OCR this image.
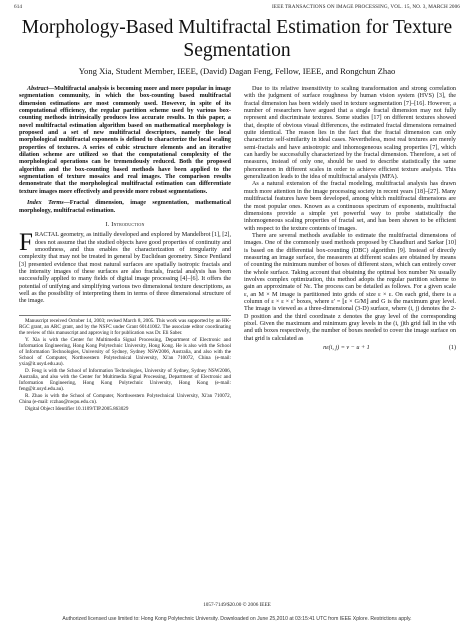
614	IEEE TRANSACTIONS ON IMAGE PROCESSING, VOL. 15, NO. 3, MARCH 2006
Morphology-Based Multifractal Estimation for Texture Segmentation
Yong Xia, Student Member, IEEE, (David) Dagan Feng, Fellow, IEEE, and Rongchun Zhao

Abstract—Multifractal analysis is becoming more and more popular in image segmentation community, in which the box-counting based multifractal dimension estimations are most commonly used. However, in spite of its computational efficiency, the regular partition scheme used by various box-counting methods intrinsically produces less accurate results. In this paper, a novel multifractal estimation algorithm based on mathematical morphology is proposed and a set of new multifractal descriptors, namely the local morphological multifractal exponents is defined to characterize the local scaling properties of textures. A series of cubic structure elements and an iterative dilation scheme are utilized so that the computational complexity of the morphological operations can be tremendously reduced. Both the proposed algorithm and the box-counting based methods have been applied to the segmentation of texture mosaics and real images. The comparison results demonstrate that the morphological multifractal estimation can differentiate texture images more effectively and provide more robust segmentations.

Index Terms—Fractal dimension, image segmentation, mathematical morphology, multifractal estimation.

I. Introduction

FRACTAL geometry, as initially developed and explored by Mandelbrot [1], [2], does not assume that the studied objects have good properties of continuity and smoothness, and thus enables the characterization of irregularity and complexity that may not be treated in general by Euclidean geometry. Since Pentland [3] presented evidence that most natural surfaces are spatially isotropic fractals and the intensity images of these surfaces are also fractals, fractal analysis has been successfully applied to many fields of digital image processing [4]–[6]. It offers the potential of unifying and simplifying various two dimensional texture descriptions, as well as the possibility of interpreting them in terms of three dimensional structure of the image.

Manuscript received October 14, 2003; revised March 8, 2005. This work was supported by an HK-RGC grant, an ARC grant, and by the NSFC under Grant 60141002. The associate editor coordinating the review of this manuscript and approving it for publication was Dr. Eli Saber.

Y. Xia is with the Center for Multimedia Signal Processing, Department of Electronic and Information Engineering, Hong Kong Polytechnic University, Hong Kong. He is also with the School of Information Technologies, University of Sydney, Sydney NSW2006, Australia, and also with the School of Computer, Northwestern Polytechnical University, Xi'an 710072, China (e-mail: yxia@it.usyd.edu.au).

D. Feng is with the School of Information Technologies, University of Sydney, Sydney NSW2006, Australia, and also with the Center for Multimedia Signal Processing, Department of Electronic and Information Engineering, Hong Kong Polytechnic University, Hong Kong (e-mail: feng@it.usyd.edu.au).

R. Zhao is with the School of Computer, Northwestern Polytechnical University, Xi'an 710072, China (e-mail: rczhao@nwpu.edu.cn).

Digital Object Identifier 10.1109/TIP.2005.863029

Due to its relative insensitivity to scaling transformation and strong correlation with the judgment of surface roughness by human vision system (HVS) [3], the fractal dimension has been widely used in texture segmentation [7]–[16]. However, a number of researchers have argued that a single fractal dimension may not fully represent and discriminate textures. Some studies [17] on different textures showed that, despite of obvious visual differences, the estimated fractal dimensions remained quite identical. The reason lies in the fact that the fractal dimension can only characterize self-similarity in ideal cases. Nevertheless, most real textures are merely semi-fractals and have anisotropic and inhomogeneous scaling properties [7], which can hardly be successfully characterized by the fractal dimension. Therefore, a set of measures, instead of only one, should be used to describe statistically the same phenomenon in different scales in order to achieve efficient texture analysis. This generalization leads to the idea of multifractal analysis (MFA).

As a natural extension of the fractal modeling, multifractal analysis has drawn much more attention in the image processing society in recent years [18]–[27]. Many multifractal features have been developed, among which multifractal dimensions are the most popular ones. Known as a continuous spectrum of exponents, multifractal dimensions provide a simple yet powerful way to probe statistically the inhomogeneous scaling properties of fractal set, and has been shown to be efficient with respect to the texture contents of images.

There are several methods available to estimate the multifractal dimensions of images. One of the commonly used methods proposed by Chaudhuri and Sarkar [10] is based on the differential box-counting (DBC) algorithm [9]. Instead of directly measuring an image surface, the measurers at different scales are obtained by means of counting the minimum number of boxes of different sizes, which can entirely cover the whole surface. Taking account that obtaining the optimal box number Nε usually involves complex optimization, this method adopts the regular partition scheme to gain an approximate of Nε. The process can be detailed as follows. For a given scale ε, an M × M image is partitioned into grids of size ε × ε. On each grid, there is a column of ε × ε × ε' boxes, where ε' = ⌊ε × G/M⌋ and G is the maximum gray level. The image is viewed as a three-dimensional (3-D) surface, where (i, j) denotes the 2-D position and the third coordinate z denotes the gray level of the corresponding pixel. Given the maximum and minimum gray levels in the (i, j)th grid fall in the vth and uth boxes respectively, the number of boxes needed to cover the image surface on that grid is calculated as

nε(i, j) = v − u + 1	(1)
1057-7149/$20.00 © 2006 IEEE
Authorized licensed use limited to: Hong Kong Polytechnic University. Downloaded on June 25,2010 at 03:15:41 UTC from IEEE Xplore. Restrictions apply.
